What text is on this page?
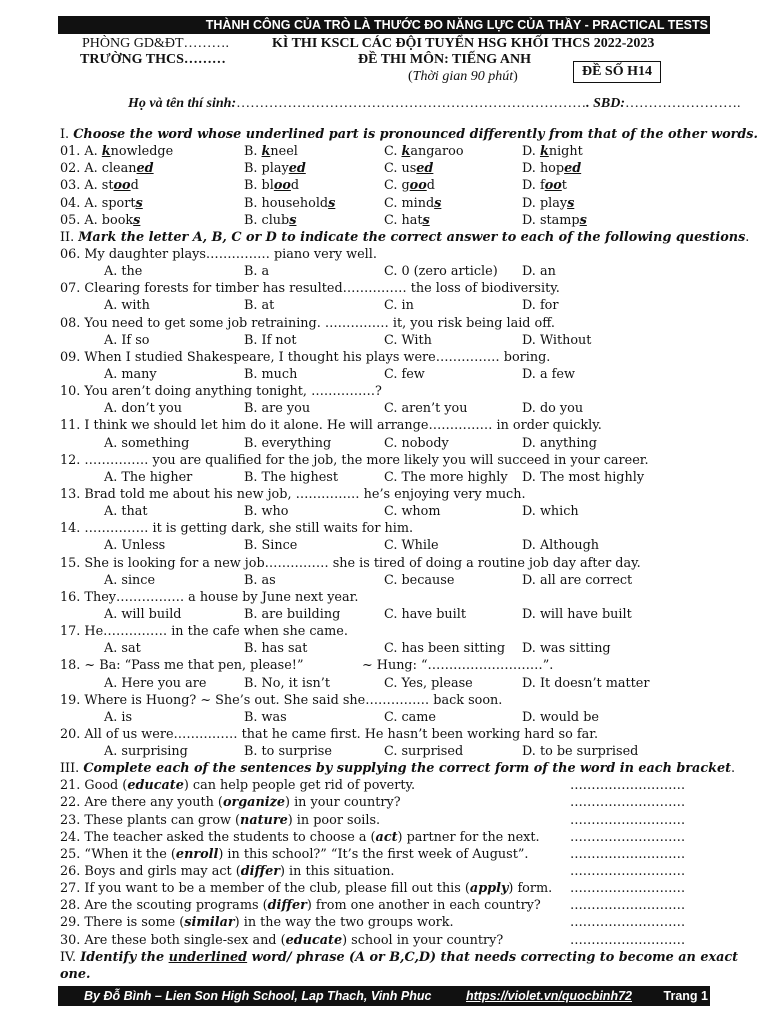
THÀNH CÔNG CỦA TRÒ LÀ THƯỚC ĐO NĂNG LỰC CỦA THẦY - PRACTICAL TESTS
PHÒNG GD&ĐT……….
TRƯỜNG THCS………
KÌ THI KSCL CÁC ĐỘI TUYỂN HSG KHỐI THCS 2022-2023
ĐỀ THI MÔN: TIẾNG ANH
(Thời gian 90 phút)	ĐỀ SỐ H14
Họ và tên thí sinh:…………………………………………………………………. SBD:…………………….
I. Choose the word whose underlined part is pronounced differently from that of the other words.
01. A. knowledge	B. kneel	C. kangaroo	D. knight
02. A. cleaned	B. played	C. used	D. hoped
03. A. stood	B. blood	C. good	D. foot
04. A. sports	B. households	C. minds	D. plays
05. A. books	B. clubs	C. hats	D. stamps
II. Mark the letter A, B, C or D to indicate the correct answer to each of the following questions.
06. My daughter plays…………… piano very well.
A. the	B. a	C. 0 (zero article) D. an
07. Clearing forests for timber has resulted…………… the loss of biodiversity.
A. with	B. at	C. in	D. for
08. You need to get some job retraining. …………… it, you risk being laid off.
A. If so	B. If not	C. With	D. Without
09. When I studied Shakespeare, I thought his plays were…………… boring.
A. many	B. much	C. few	D. a few
10. You aren’t doing anything tonight, ……………?
A. don’t you	B. are you	C. aren’t you	D. do you
11. I think we should let him do it alone. He will arrange…………… in order quickly.
A. something	B. everything	C. nobody	D. anything
12. …………… you are qualified for the job, the more likely you will succeed in your career.
A. The higher	B. The highest	C. The more highly D. The most highly
13. Brad told me about his new job, …………… he’s enjoying very much.
A. that	B. who	C. whom	D. which
14. …………… it is getting dark, she still waits for him.
A. Unless	B. Since	C. While	D. Although
15. She is looking for a new job…………… she is tired of doing a routine job day after day.
A. since	B. as	C. because	D. all are correct
16. They……………. a house by June next year.
A. will build	B. are building	C. have built	D. will have built
17. He…………… in the cafe when she came.
A. sat	B. has sat	C. has been sitting D. was sitting
18. ~ Ba: “Pass me that pen, please!”	~ Hung: “………………………”.
A. Here you are	B. No, it isn’t	C. Yes, please	D. It doesn’t matter
19. Where is Huong? ~ She’s out. She said she…………… back soon.
A. is	B. was	C. came	D. would be
20. All of us were…………… that he came first. He hasn’t been working hard so far.
A. surprising	B. to surprise	C. surprised	D. to be surprised
III. Complete each of the sentences by supplying the correct form of the word in each bracket.
21. Good (educate) can help people get rid of poverty.	………………………
22. Are there any youth (organize) in your country?	………………………
23. These plants can grow (nature) in poor soils.	………………………
24. The teacher asked the students to choose a (act) partner for the next. ………………………
25. “When it the (enroll) in this school?” “It’s the first week of August”.	………………………
26. Boys and girls may act (differ) in this situation.	………………………
27. If you want to be a member of the club, please fill out this (apply) form. ………………………
28. Are the scouting programs (differ) from one another in each country? ………………………
29. There is some (similar) in the way the two groups work.	………………………
30. Are these both single-sex and (educate) school in your country?	………………………
IV. Identify the underlined word/ phrase (A or B,C,D) that needs correcting to become an exact
one.
By Đỗ Bình – Lien Son High School, Lap Thach, Vinh Phuc	https://violet.vn/quocbinh72	Trang 1
